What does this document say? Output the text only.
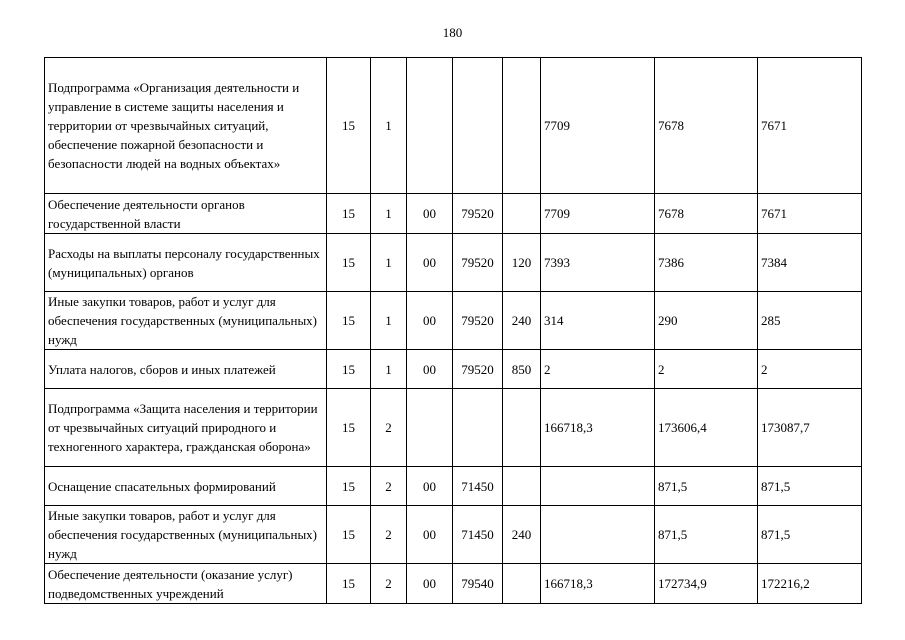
180
Подпрограмма «Организация деятельности и управление в системе защиты населения и территории от чрезвычайных ситуаций, обеспечение пожарной безопасности и безопасности людей на водных объектах»	15	1				7709	7678	7671
Обеспечение деятельности органов государственной власти	15	1	00	79520		7709	7678	7671
Расходы на выплаты персоналу государственных (муниципальных) органов	15	1	00	79520	120	7393	7386	7384
Иные закупки товаров, работ и услуг для обеспечения государственных (муниципальных) нужд	15	1	00	79520	240	314	290	285
Уплата налогов, сборов и иных платежей	15	1	00	79520	850	2	2	2
Подпрограмма «Защита населения и территории от чрезвычайных ситуаций природного и техногенного характера, гражданская оборона»	15	2				166718,3	173606,4	173087,7
Оснащение спасательных формирований	15	2	00	71450			871,5	871,5
Иные закупки товаров, работ и услуг для обеспечения государственных (муниципальных) нужд	15	2	00	71450	240		871,5	871,5
Обеспечение деятельности (оказание услуг) подведомственных учреждений	15	2	00	79540		166718,3	172734,9	172216,2
